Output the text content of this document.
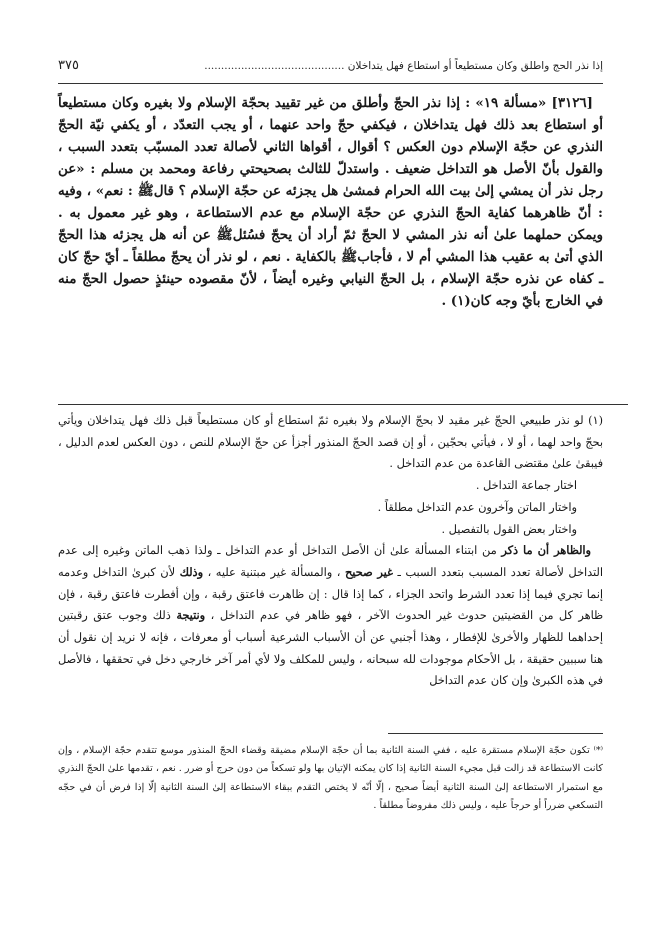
إذا نذر الحج واطلق وكان مستطيعاً أو استطاع فهل يتداخلان ..........................................
٣٧٥

[٣١٢٦] «مسألة ١٩» : إذا نذر الحجّ وأطلق من غير تقييد بحجّة الإسلام ولا بغيره وكان مستطيعاً أو استطاع بعد ذلك فهل يتداخلان ، فيكفي حجّ واحد عنهما ، أو يجب التعدّد ، أو يكفي نيّة الحجّ النذري عن حجّة الإسلام دون العكس ؟ أقوال ، أقواها الثاني لأصالة تعدد المسبّب بتعدد السبب ، والقول بأنّ الأصل هو التداخل ضعيف . واستدلّ للثالث بصحيحتي رفاعة ومحمد بن مسلم : «عن رجل نذر أن يمشي إلىٰ بيت الله الحرام فمشىٰ هل يجزئه عن حجّة الإسلام ؟ قالﷺ : نعم» ، وفيه : أنّ ظاهرهما كفاية الحجّ النذري عن حجّة الإسلام مع عدم الاستطاعة ، وهو غير معمول به . ويمكن حملهما علىٰ أنه نذر المشي لا الحجّ ثمّ أراد أن يحجّ فسُئلﷺ عن أنه هل يجزئه هذا الحجّ الذي أتىٰ به عقيب هذا المشي أم لا ، فأجابﷺ بالكفاية . نعم ، لو نذر أن يحجّ مطلقاً ـ أيّ حجّ كان ـ كفاه عن نذره حجّة الإسلام ، بل الحجّ النيابي وغيره أيضاً ، لأنّ مقصوده حينئذٍ حصول الحجّ منه في الخارج بأيّ وجه كان(١) .

(١) لو نذر طبيعي الحجّ غير مقيد لا بحجّ الإسلام ولا بغيره ثمّ استطاع أو كان مستطيعاً قبل ذلك فهل يتداخلان ويأتي بحجّ واحد لهما ، أو لا ، فيأتي بحجّين ، أو إن قصد الحجّ المنذور أجزأ عن حجّ الإسلام للنص ، دون العكس لعدم الدليل ، فيبقىٰ علىٰ مقتضى القاعدة من عدم التداخل .

اختار جماعة التداخل .

واختار الماتن وآخرون عدم التداخل مطلقاً .

واختار بعض القول بالتفصيل .

والظاهر أن ما ذكر من ابتناء المسألة علىٰ أن الأصل التداخل أو عدم التداخل ـ ولذا ذهب الماتن وغيره إلى عدم التداخل لأصالة تعدد المسبب بتعدد السبب ـ غير صحيح ، والمسألة غير مبتنية عليه ، وذلك لأن كبرىٰ التداخل وعدمه إنما تجري فيما إذا تعدد الشرط واتحد الجزاء ، كما إذا قال : إن ظاهرت فاعتق رقبة ، وإن أفطرت فاعتق رقبة ، فإن ظاهر كل من القضيتين حدوث غير الحدوث الآخر ، فهو ظاهر في عدم التداخل ، ونتيجة ذلك وجوب عتق رقبتين إحداهما للظهار والأخرىٰ للإفطار ، وهذا أجنبي عن أن الأسباب الشرعية أسباب أو معرفات ، فإنه لا نريد إن نقول أن هنا سببين حقيقة ، بل الأحكام موجودات لله سبحانه ، وليس للمكلف ولا لأي أمر آخر خارجي دخل في تحققها ، فالأصل في هذه الكبرىٰ وإن كان عدم التداخل

⁽*⁾ تكون حجّة الإسلام مستقرة عليه ، ففي السنة الثانية بما أن حجّة الإسلام مضيقة وقضاء الحجّ المنذور موسع تتقدم حجّة الإسلام ، وإن كانت الاستطاعة قد زالت قبل مجيء السنة الثانية إذا كان يمكنه الإتيان بها ولو تسكعاً من دون حرج أو ضرر . نعم ، تقدمها علىٰ الحجّ النذري مع استمرار الاستطاعة إلىٰ السنة الثانية أيضاً صحيح ، إلّا أنّه لا يختص التقدم ببقاء الاستطاعة إلىٰ السنة الثانية إلّا إذا فرض أن في حجّه التسكعي ضرراً أو حرجاً عليه ، وليس ذلك مفروضاً مطلقاً .
